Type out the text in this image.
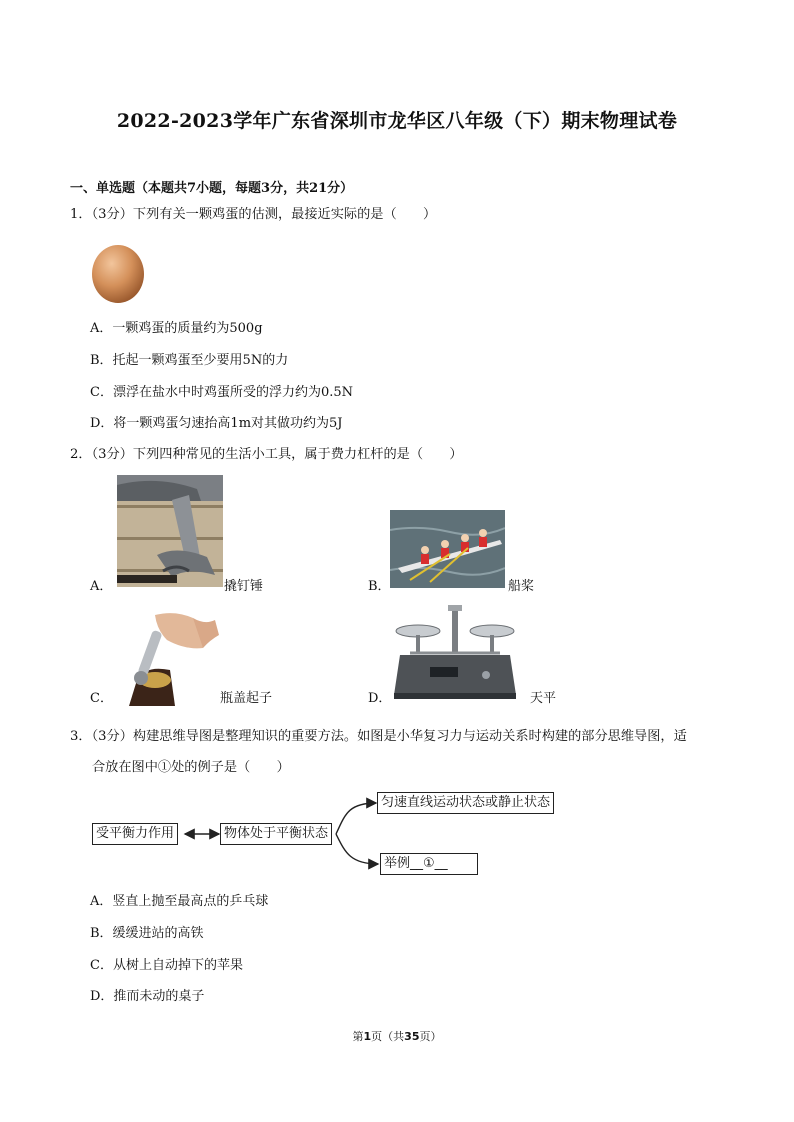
2022-2023学年广东省深圳市龙华区八年级（下）期末物理试卷
一、单选题（本题共7小题，每题3分，共21分）
1．（3分）下列有关一颗鸡蛋的估测，最接近实际的是（　　）
A．一颗鸡蛋的质量约为500g
B．托起一颗鸡蛋至少要用5N的力
C．漂浮在盐水中时鸡蛋所受的浮力约为0.5N
D．将一颗鸡蛋匀速抬高1m对其做功约为5J
2．（3分）下列四种常见的生活小工具，属于费力杠杆的是（　　）
A．	撬钉锤	B．	船桨
C．	瓶盖起子	D．	天平
3．（3分）构建思维导图是整理知识的重要方法。如图是小华复习力与运动关系时构建的部分思维导图，适
合放在图中①处的例子是（　　）
受平衡力作用	物体处于平衡状态
匀速直线运动状态或静止状态
举例__①__
A．竖直上抛至最高点的乒乓球
B．缓缓进站的高铁
C．从树上自动掉下的苹果
D．推而未动的桌子
第1页（共35页）
